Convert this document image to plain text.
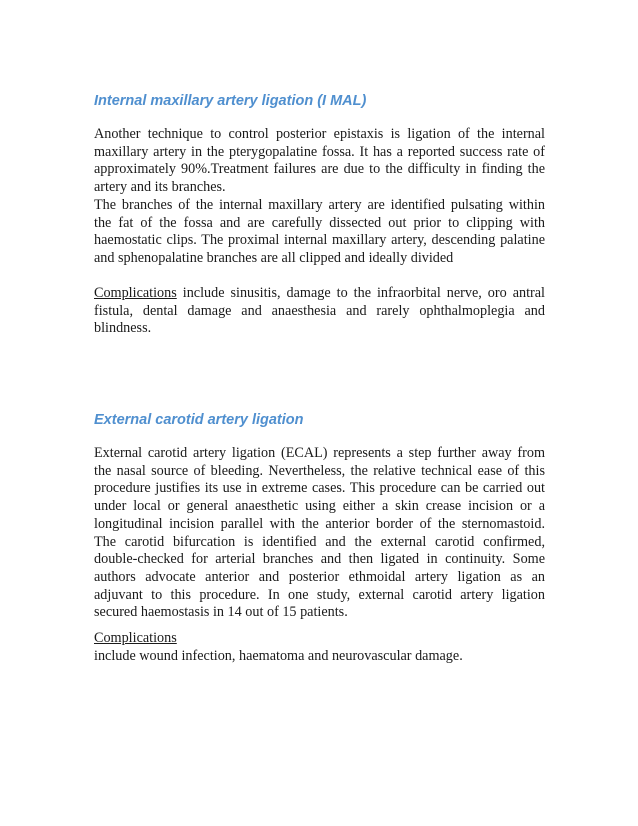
Internal maxillary artery ligation (I MAL)
Another technique to control posterior epistaxis is ligation of the internal
maxillary artery in the pterygopalatine fossa. It has a reported success rate of
approximately 90%.Treatment failures are due to the difficulty in finding the
artery and its branches.
The branches of the internal maxillary artery are identified pulsating within
the fat of the fossa and are carefully dissected out prior to clipping with
haemostatic clips. The proximal internal maxillary artery, descending palatine
and sphenopalatine branches are all clipped and ideally divided
Complications include sinusitis, damage to the infraorbital nerve, oro antral
fistula, dental damage and anaesthesia and rarely ophthalmoplegia and
blindness.
External carotid artery ligation
External carotid artery ligation (ECAL) represents a step further away from
the nasal source of bleeding. Nevertheless, the relative technical ease of this
procedure justifies its use in extreme cases. This procedure can be carried out
under local or general anaesthetic using either a skin crease incision or a
longitudinal incision parallel with the anterior border of the sternomastoid.
The carotid bifurcation is identified and the external carotid confirmed,
double-checked for arterial branches and then ligated in continuity. Some
authors advocate anterior and posterior ethmoidal artery ligation as an
adjuvant to this procedure. In one study, external carotid artery ligation
secured haemostasis in 14 out of 15 patients.
Complications
include wound infection, haematoma and neurovascular damage.
